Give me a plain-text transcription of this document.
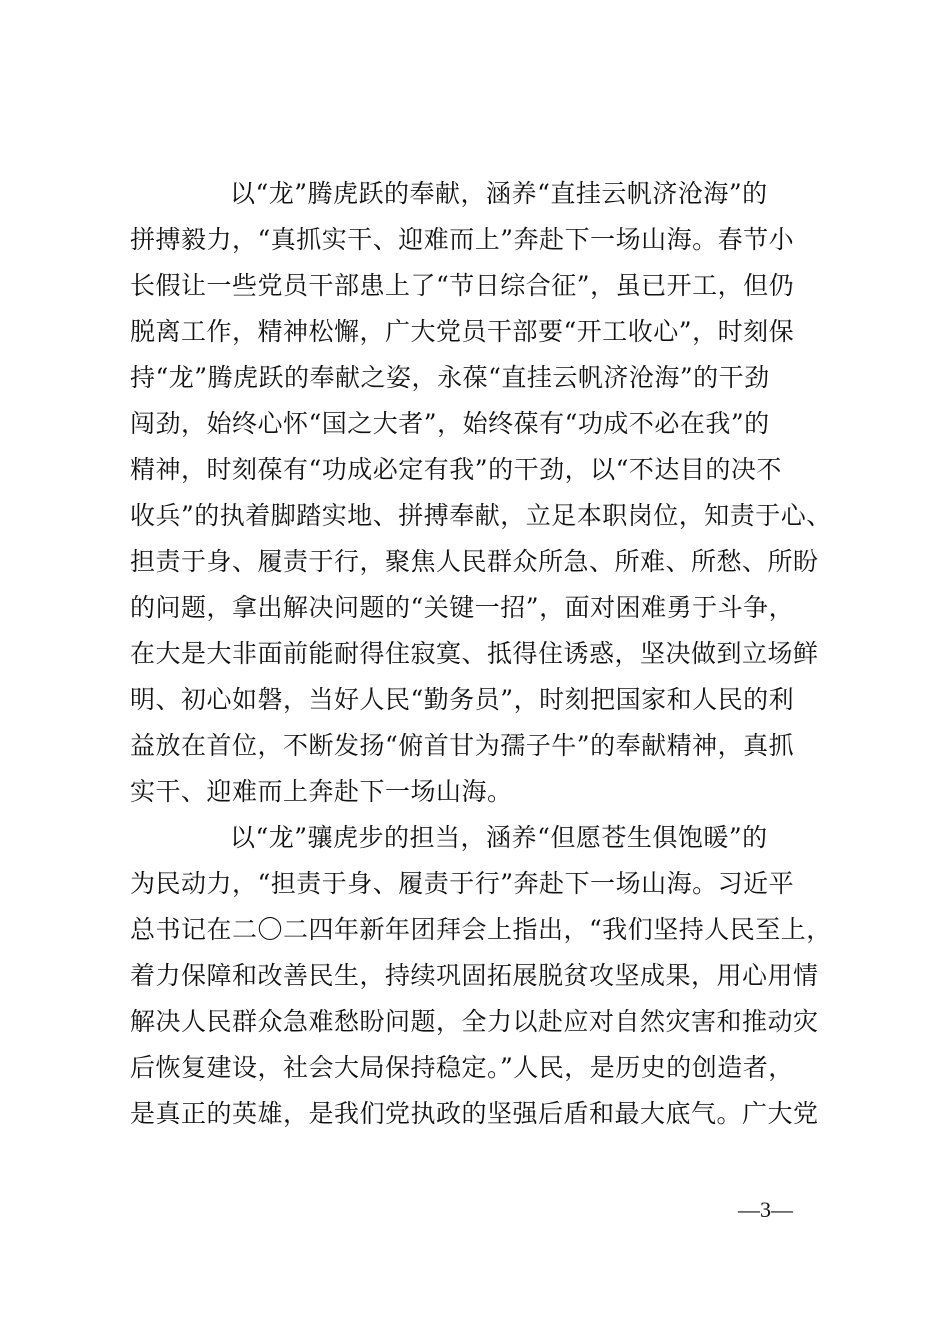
以“龙”腾虎跃的奉献，涵养“直挂云帆济沧海”的
拼搏毅力，“真抓实干、迎难而上”奔赴下一场山海。春节小
长假让一些党员干部患上了“节日综合征”，虽已开工，但仍
脱离工作，精神松懈，广大党员干部要“开工收心”，时刻保
持“龙”腾虎跃的奉献之姿，永葆“直挂云帆济沧海”的干劲
闯劲，始终心怀“国之大者”，始终葆有“功成不必在我”的
精神，时刻葆有“功成必定有我”的干劲，以“不达目的决不
收兵”的执着脚踏实地、拼搏奉献，立足本职岗位，知责于心、
担责于身、履责于行，聚焦人民群众所急、所难、所愁、所盼
的问题，拿出解决问题的“关键一招”，面对困难勇于斗争，
在大是大非面前能耐得住寂寞、抵得住诱惑，坚决做到立场鲜
明、初心如磐，当好人民“勤务员”，时刻把国家和人民的利
益放在首位，不断发扬“俯首甘为孺子牛”的奉献精神，真抓
实干、迎难而上奔赴下一场山海。
以“龙”骧虎步的担当，涵养“但愿苍生俱饱暖”的
为民动力，“担责于身、履责于行”奔赴下一场山海。习近平
总书记在二〇二四年新年团拜会上指出，“我们坚持人民至上，
着力保障和改善民生，持续巩固拓展脱贫攻坚成果，用心用情
解决人民群众急难愁盼问题，全力以赴应对自然灾害和推动灾
后恢复建设，社会大局保持稳定。”人民，是历史的创造者，
是真正的英雄，是我们党执政的坚强后盾和最大底气。广大党
—3—
